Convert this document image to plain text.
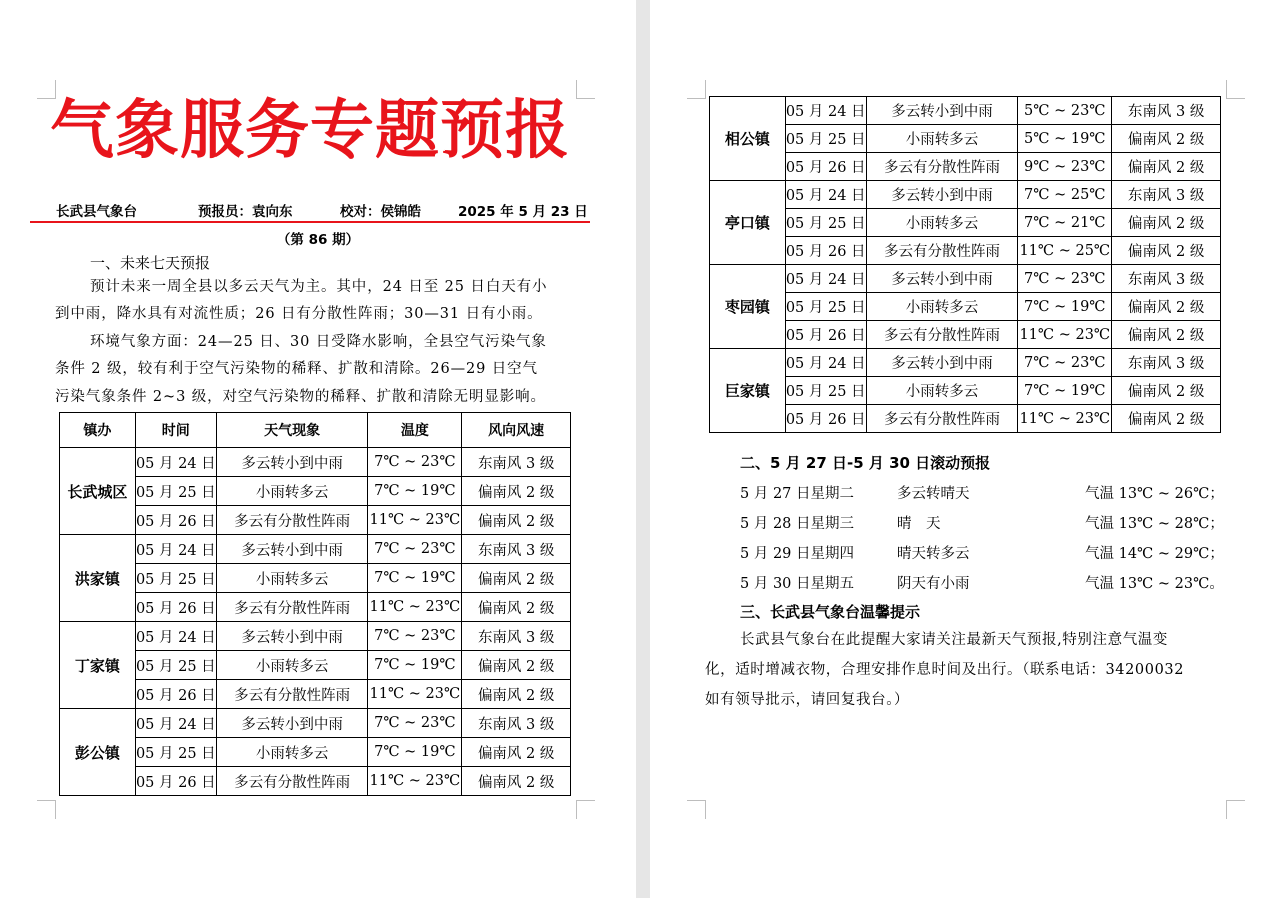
气象服务专题预报
长武县气象台	预报员：袁向东	校对：侯锦皓	2025 年 5 月 23 日
（第 86 期）
一、未来七天预报
预计未来一周全县以多云天气为主。其中，24 日至 25 日白天有小
到中雨，降水具有对流性质；26 日有分散性阵雨；30—31 日有小雨。
环境气象方面：24—25 日、30 日受降水影响，全县空气污染气象
条件 2 级，较有利于空气污染物的稀释、扩散和清除。26—29 日空气
污染气象条件 2~3 级，对空气污染物的稀释、扩散和清除无明显影响。
二、5 月 27 日-5 月 30 日滚动预报
5 月 27 日星期二	多云转晴天	气温 13℃ ~ 26℃；
5 月 28 日星期三	晴　天	气温 13℃ ~ 28℃；
5 月 29 日星期四	晴天转多云	气温 14℃ ~ 29℃；
5 月 30 日星期五	阴天有小雨	气温 13℃ ~ 23℃。
三、长武县气象台温馨提示
长武县气象台在此提醒大家请关注最新天气预报,特别注意气温变
化，适时增减衣物，合理安排作息时间及出行。（联系电话：34200032
如有领导批示，请回复我台。）
镇办	时间	天气现象	温度	风向风速
长武城区	05 月 24 日	多云转小到中雨	7℃ ~ 23℃	东南风 3 级
	05 月 25 日	小雨转多云	7℃ ~ 19℃	偏南风 2 级
	05 月 26 日	多云有分散性阵雨	11℃ ~ 23℃	偏南风 2 级
洪家镇	05 月 24 日	多云转小到中雨	7℃ ~ 23℃	东南风 3 级
	05 月 25 日	小雨转多云	7℃ ~ 19℃	偏南风 2 级
	05 月 26 日	多云有分散性阵雨	11℃ ~ 23℃	偏南风 2 级
丁家镇	05 月 24 日	多云转小到中雨	7℃ ~ 23℃	东南风 3 级
	05 月 25 日	小雨转多云	7℃ ~ 19℃	偏南风 2 级
	05 月 26 日	多云有分散性阵雨	11℃ ~ 23℃	偏南风 2 级
彭公镇	05 月 24 日	多云转小到中雨	7℃ ~ 23℃	东南风 3 级
	05 月 25 日	小雨转多云	7℃ ~ 19℃	偏南风 2 级
	05 月 26 日	多云有分散性阵雨	11℃ ~ 23℃	偏南风 2 级
相公镇	05 月 24 日	多云转小到中雨	5℃ ~ 23℃	东南风 3 级
	05 月 25 日	小雨转多云	5℃ ~ 19℃	偏南风 2 级
	05 月 26 日	多云有分散性阵雨	9℃ ~ 23℃	偏南风 2 级
亭口镇	05 月 24 日	多云转小到中雨	7℃ ~ 25℃	东南风 3 级
	05 月 25 日	小雨转多云	7℃ ~ 21℃	偏南风 2 级
	05 月 26 日	多云有分散性阵雨	11℃ ~ 25℃	偏南风 2 级
枣园镇	05 月 24 日	多云转小到中雨	7℃ ~ 23℃	东南风 3 级
	05 月 25 日	小雨转多云	7℃ ~ 19℃	偏南风 2 级
	05 月 26 日	多云有分散性阵雨	11℃ ~ 23℃	偏南风 2 级
巨家镇	05 月 24 日	多云转小到中雨	7℃ ~ 23℃	东南风 3 级
	05 月 25 日	小雨转多云	7℃ ~ 19℃	偏南风 2 级
	05 月 26 日	多云有分散性阵雨	11℃ ~ 23℃	偏南风 2 级
